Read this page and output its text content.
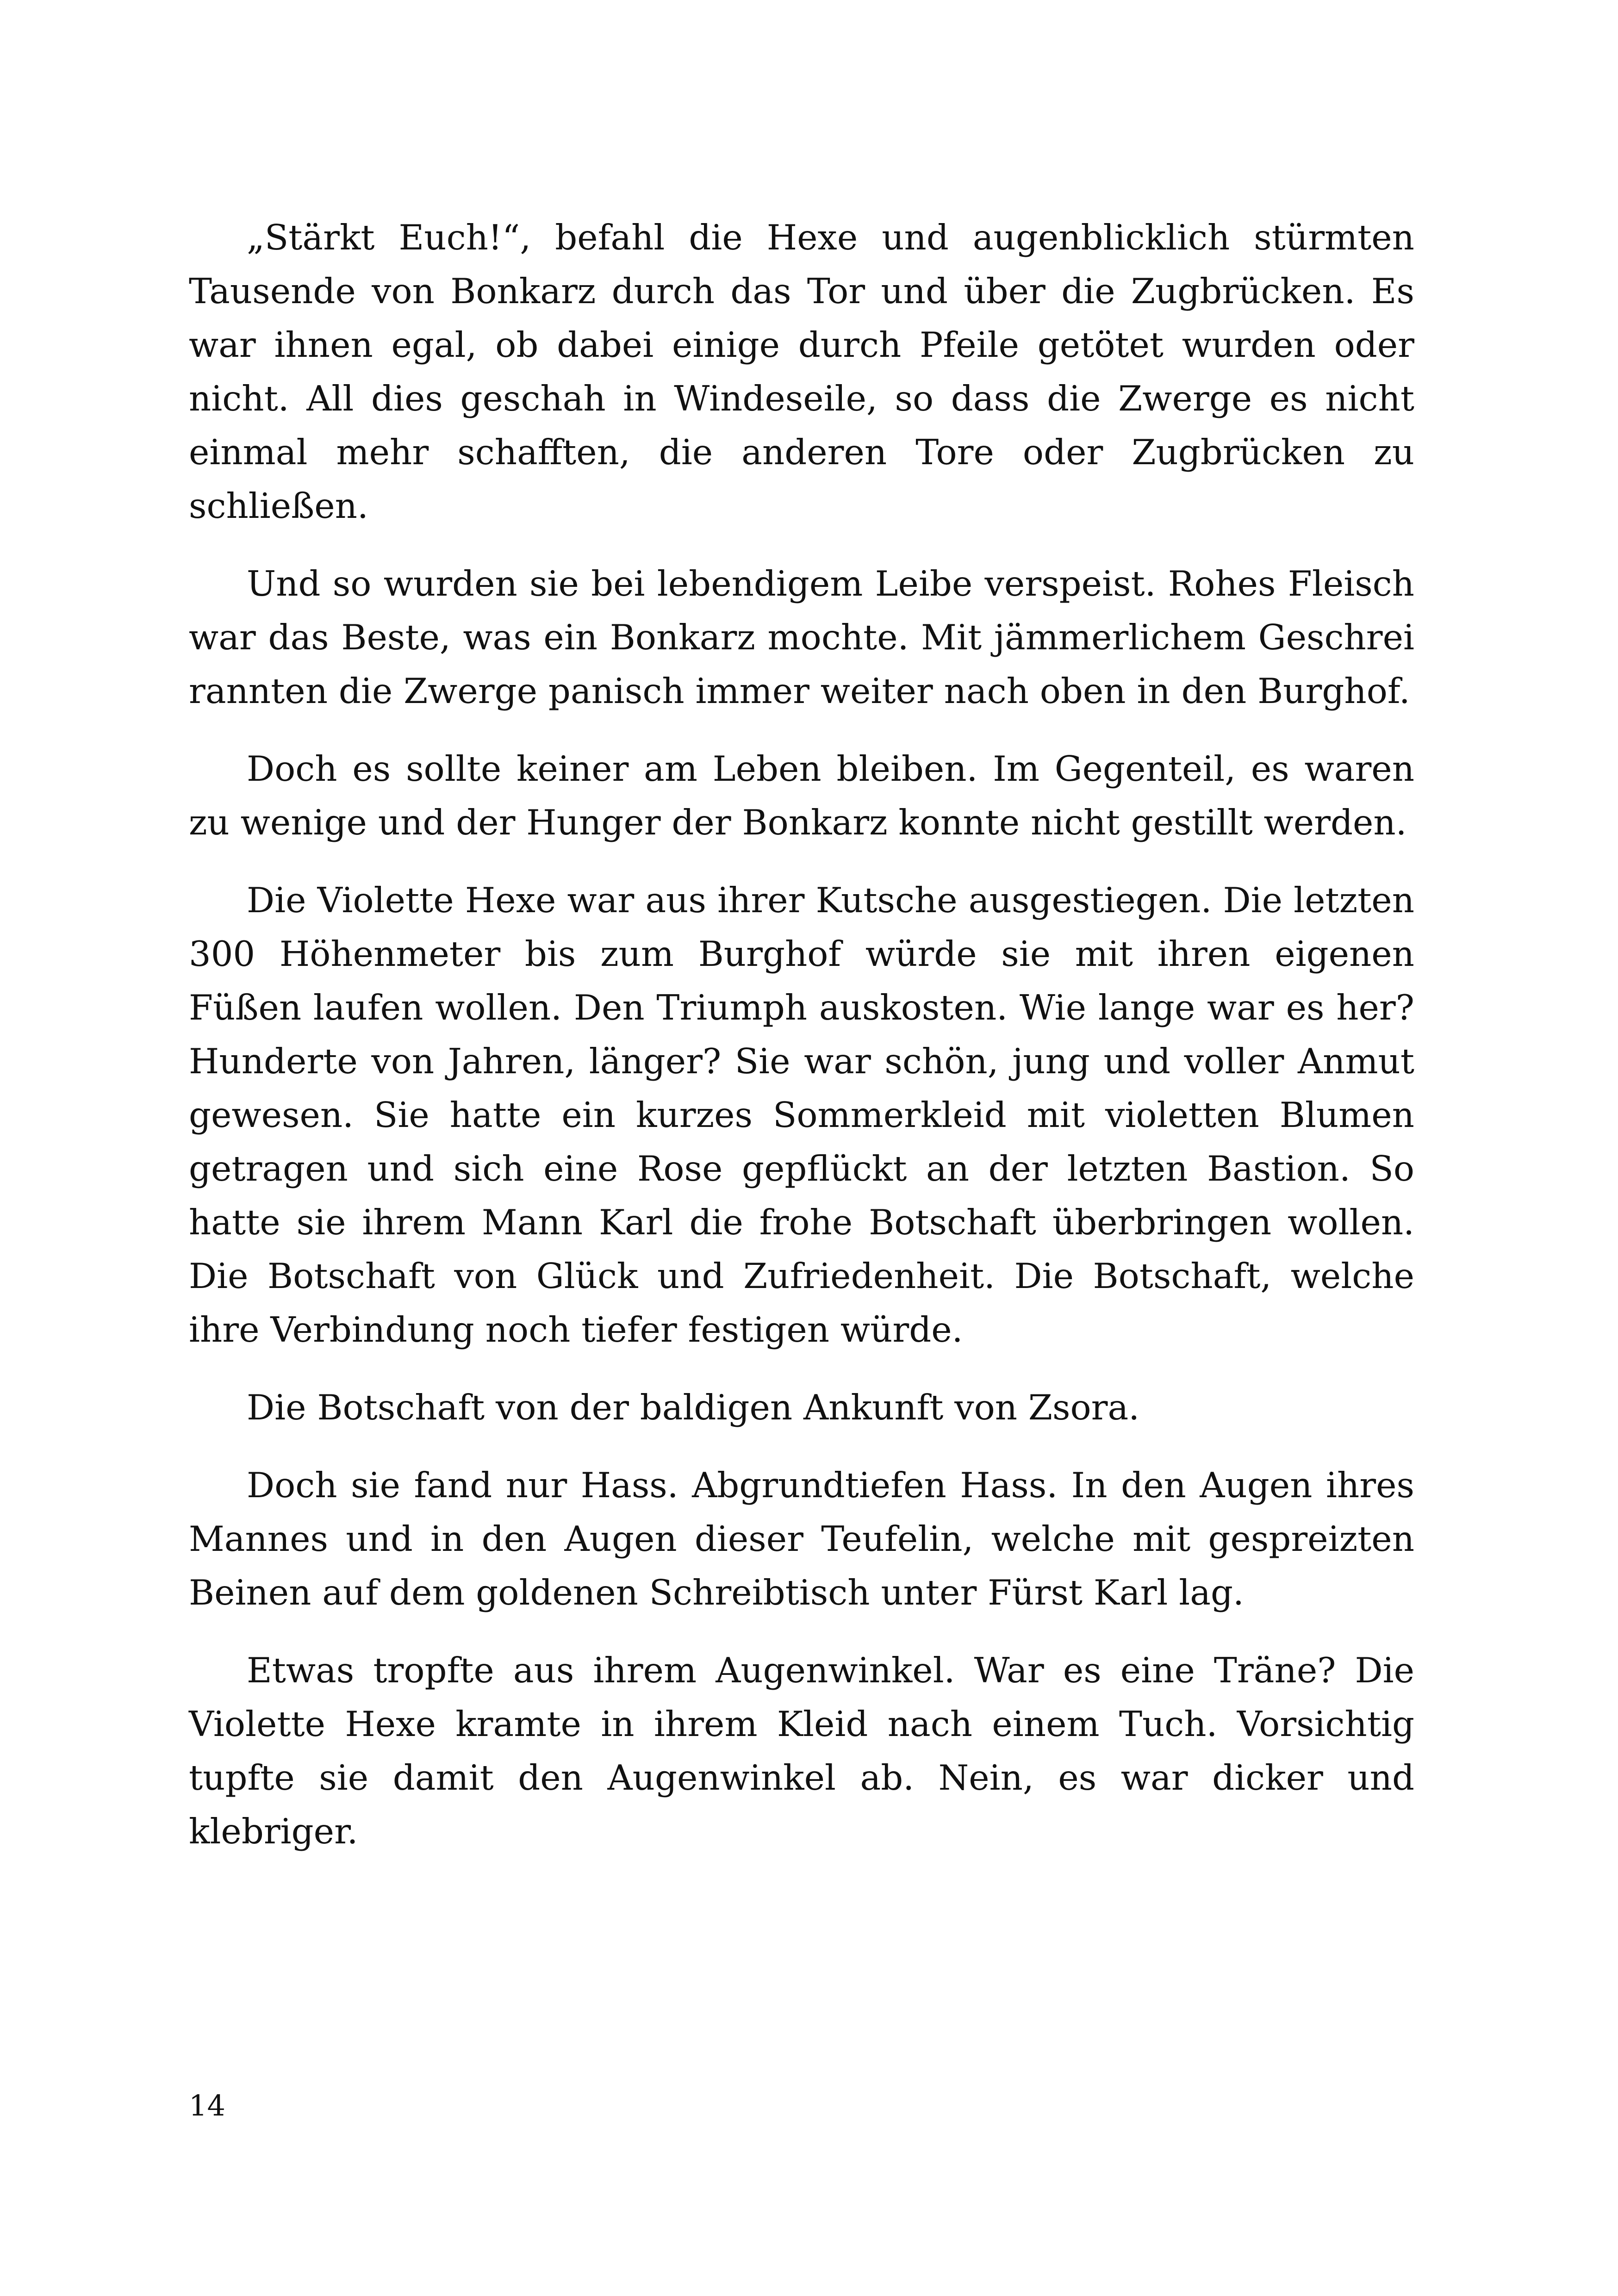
„Stärkt Euch!“, befahl die Hexe und augenblicklich stürmten Tausende von Bonkarz durch das Tor und über die Zugbrücken. Es war ihnen egal, ob dabei einige durch Pfeile getötet wurden oder nicht. All dies geschah in Windeseile, so dass die Zwerge es nicht einmal mehr schafften, die anderen Tore oder Zugbrücken zu schließen.

Und so wurden sie bei lebendigem Leibe verspeist. Rohes Fleisch war das Beste, was ein Bonkarz mochte. Mit jämmerlichem Geschrei rannten die Zwerge panisch immer weiter nach oben in den Burghof.

Doch es sollte keiner am Leben bleiben. Im Gegenteil, es waren zu wenige und der Hunger der Bonkarz konnte nicht gestillt werden.

Die Violette Hexe war aus ihrer Kutsche ausgestiegen. Die letzten 300 Höhenmeter bis zum Burghof würde sie mit ihren eigenen Füßen laufen wollen. Den Triumph auskosten. Wie lange war es her? Hunderte von Jahren, länger? Sie war schön, jung und voller Anmut gewesen. Sie hatte ein kurzes Sommerkleid mit violetten Blumen getragen und sich eine Rose gepflückt an der letzten Bastion. So hatte sie ihrem Mann Karl die frohe Botschaft überbringen wollen. Die Botschaft von Glück und Zufriedenheit. Die Botschaft, welche ihre Verbindung noch tiefer festigen würde.

Die Botschaft von der baldigen Ankunft von Zsora.

Doch sie fand nur Hass. Abgrundtiefen Hass. In den Augen ihres Mannes und in den Augen dieser Teufelin, welche mit gespreizten Beinen auf dem goldenen Schreibtisch unter Fürst Karl lag.

Etwas tropfte aus ihrem Augenwinkel. War es eine Träne? Die Violette Hexe kramte in ihrem Kleid nach einem Tuch. Vorsichtig tupfte sie damit den Augenwinkel ab. Nein, es war dicker und klebriger.

14
